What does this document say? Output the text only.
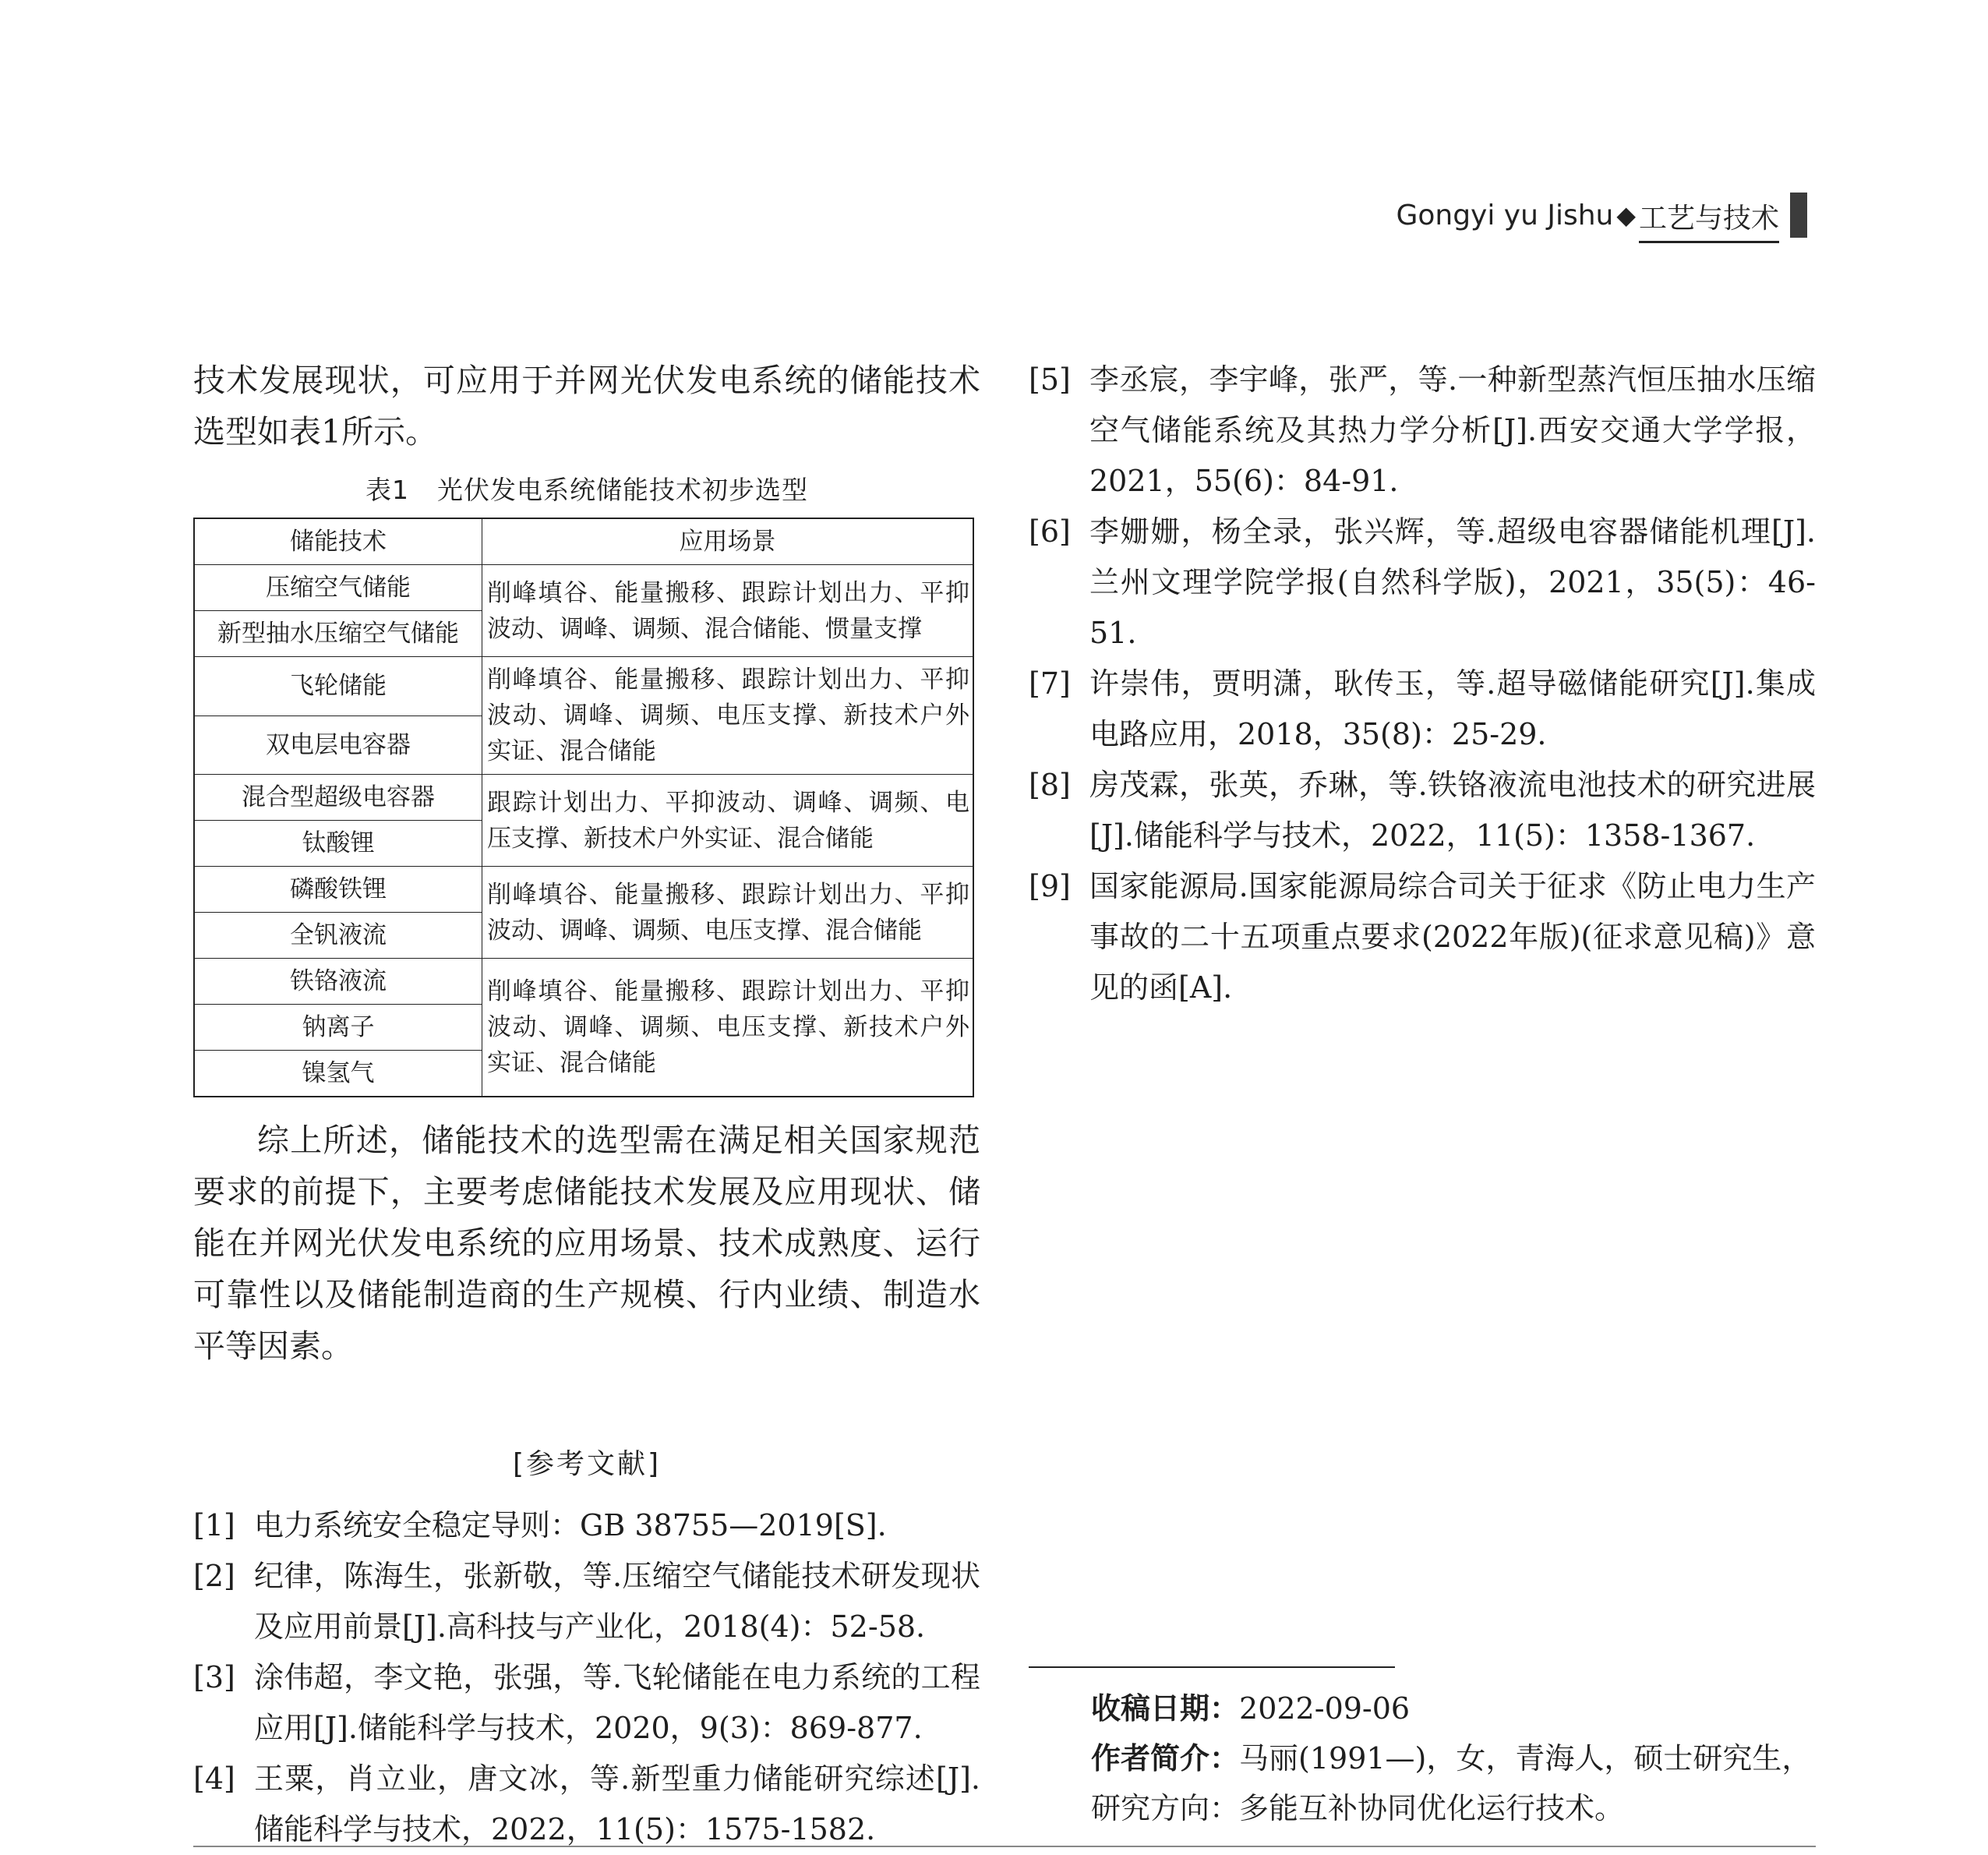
Gongyi yu Jishu ◆ 工艺与技术

技术发展现状，可应用于并网光伏发电系统的储能技术选型如表1所示。

表1 光伏发电系统储能技术初步选型
储能技术	应用场景
压缩空气储能	削峰填谷、能量搬移、跟踪计划出力、平抑波动、调峰、调频、混合储能、惯量支撑
新型抽水压缩空气储能	
飞轮储能	削峰填谷、能量搬移、跟踪计划出力、平抑波动、调峰、调频、电压支撑、新技术户外实证、混合储能
双电层电容器	
混合型超级电容器	跟踪计划出力、平抑波动、调峰、调频、电压支撑、新技术户外实证、混合储能
钛酸锂	
磷酸铁锂	削峰填谷、能量搬移、跟踪计划出力、平抑波动、调峰、调频、电压支撑、混合储能
全钒液流	
铁铬液流	削峰填谷、能量搬移、跟踪计划出力、平抑波动、调峰、调频、电压支撑、新技术户外实证、混合储能
钠离子	
镍氢气	

综上所述，储能技术的选型需在满足相关国家规范要求的前提下，主要考虑储能技术发展及应用现状、储能在并网光伏发电系统的应用场景、技术成熟度、运行可靠性以及储能制造商的生产规模、行内业绩、制造水平等因素。

[参考文献]
[1] 电力系统安全稳定导则：GB 38755—2019[S].
[2] 纪律，陈海生，张新敬，等.压缩空气储能技术研发现状及应用前景[J].高科技与产业化，2018(4)：52-58.
[3] 涂伟超，李文艳，张强，等.飞轮储能在电力系统的工程应用[J].储能科学与技术，2020，9(3)：869-877.
[4] 王粟，肖立业，唐文冰，等.新型重力储能研究综述[J].储能科学与技术，2022，11(5)：1575-1582.
[5] 李丞宸，李宇峰，张严，等.一种新型蒸汽恒压抽水压缩空气储能系统及其热力学分析[J].西安交通大学学报，2021，55(6)：84-91.
[6] 李姗姗，杨全录，张兴辉，等.超级电容器储能机理[J].兰州文理学院学报(自然科学版)，2021，35(5)：46-51.
[7] 许崇伟，贾明潇，耿传玉，等.超导磁储能研究[J].集成电路应用，2018，35(8)：25-29.
[8] 房茂霖，张英，乔琳，等.铁铬液流电池技术的研究进展[J].储能科学与技术，2022，11(5)：1358-1367.
[9] 国家能源局.国家能源局综合司关于征求《防止电力生产事故的二十五项重点要求(2022年版)(征求意见稿)》意见的函[A].

收稿日期：2022-09-06

作者简介：马丽(1991—)，女，青海人，硕士研究生，研究方向：多能互补协同优化运行技术。
